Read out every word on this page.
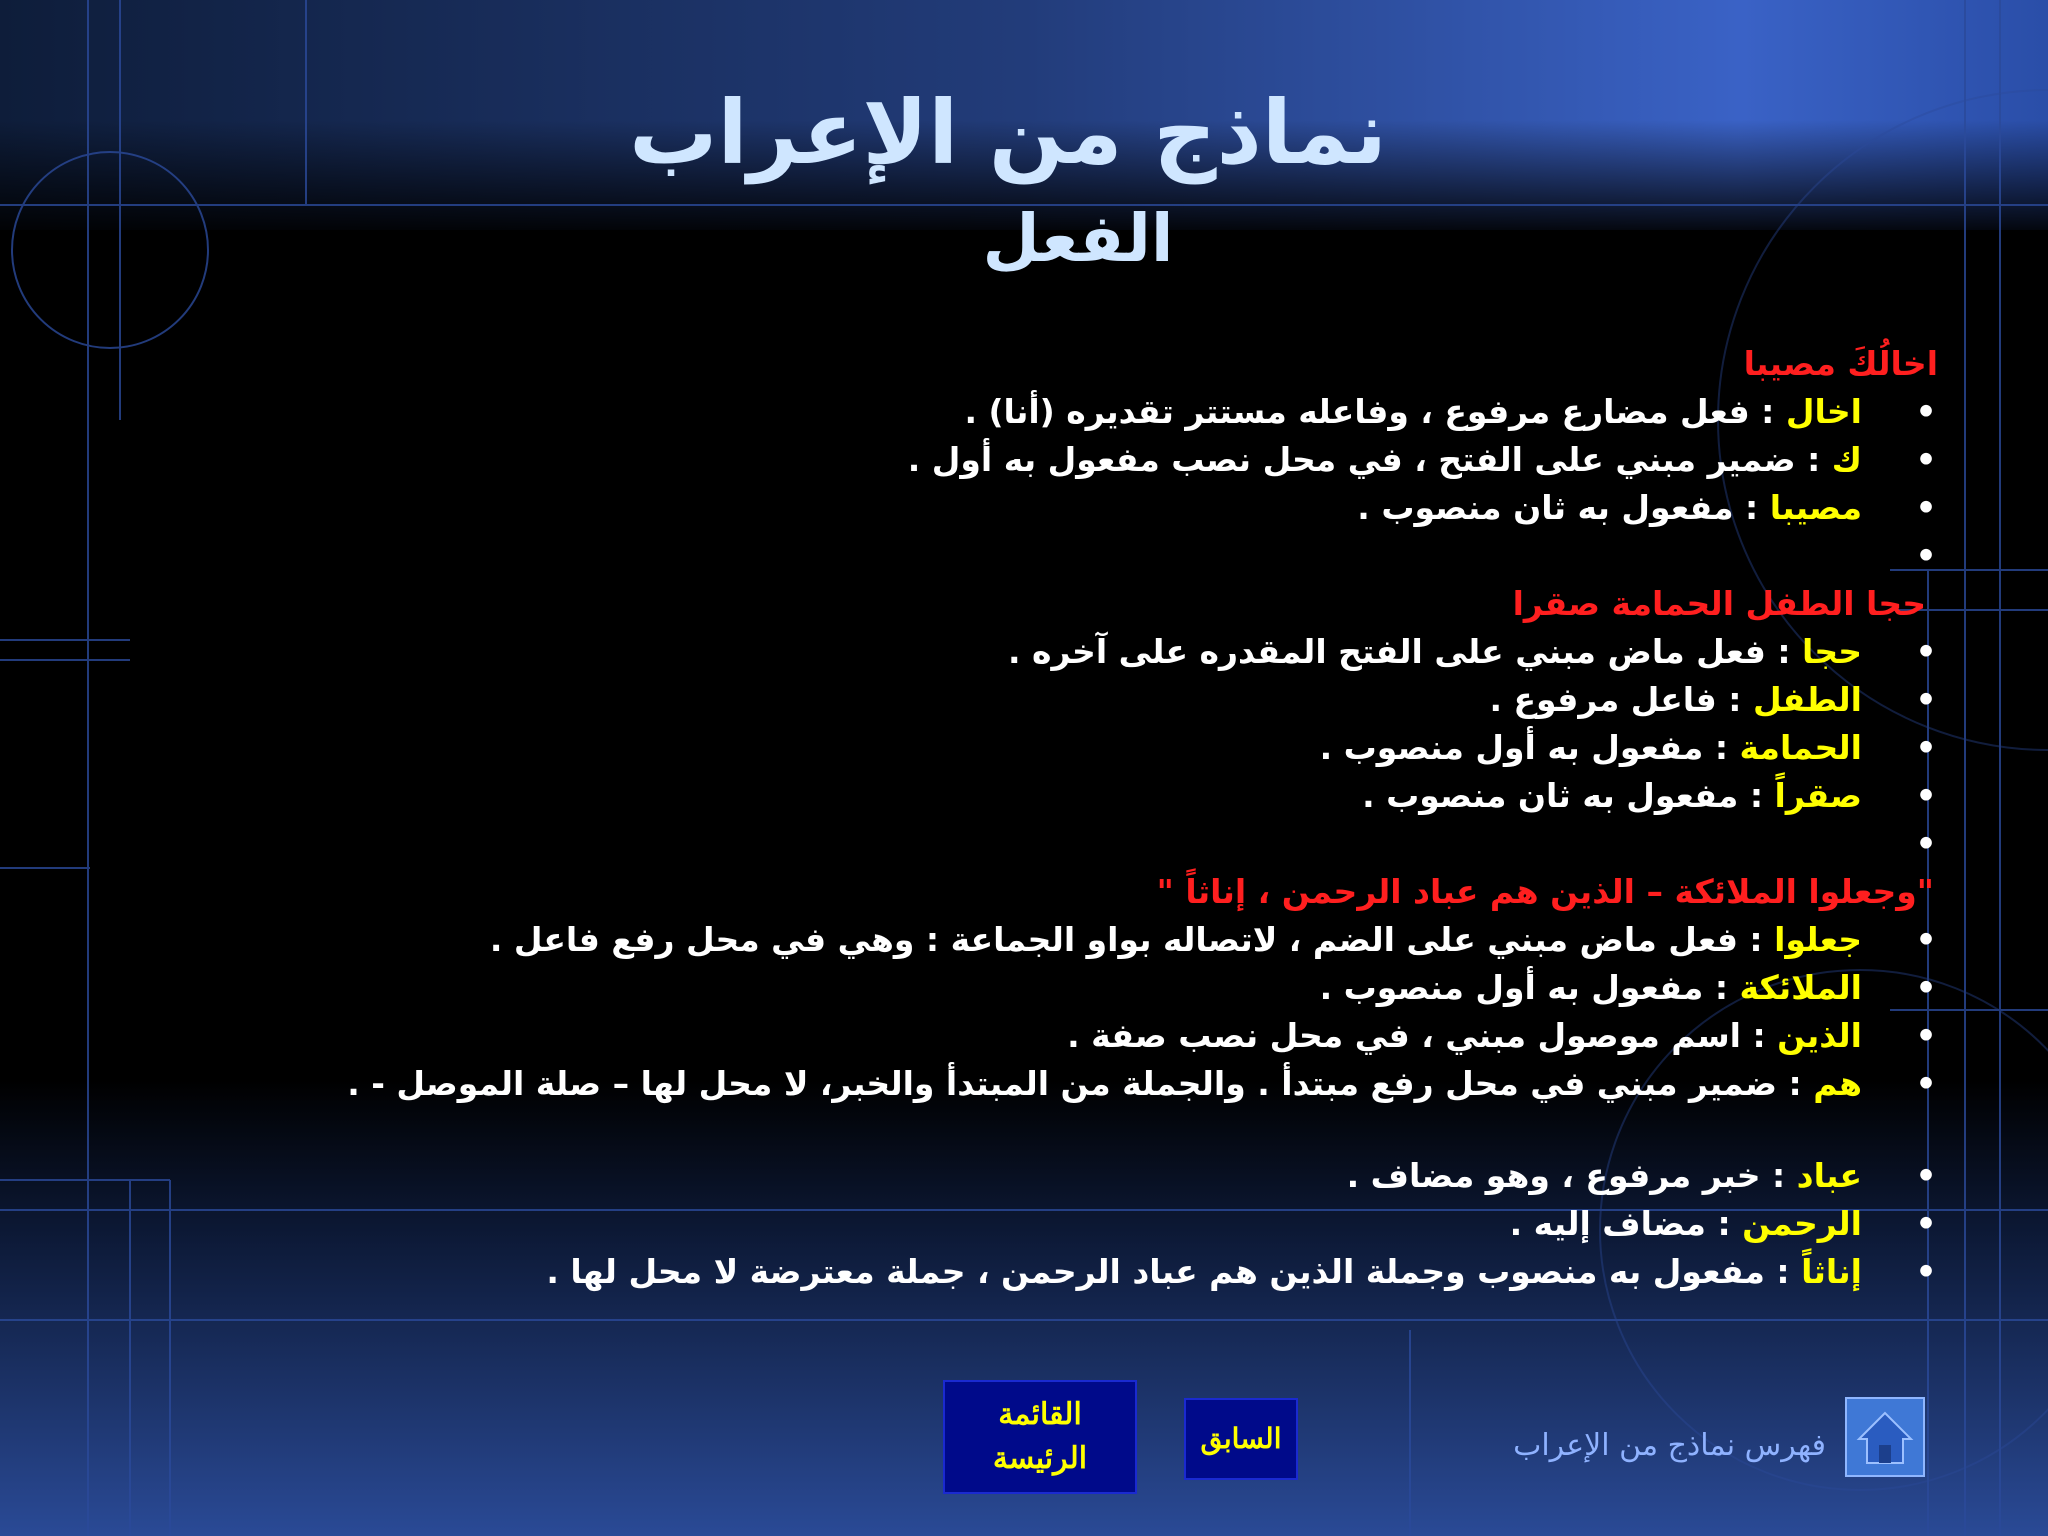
نماذج من الإعراب
الفعل
اخالُكَ مصيبا
•
اخال : فعل مضارع مرفوع ، وفاعله مستتر تقديره (أنا) .
•
ك : ضمير مبني على الفتح ، في محل نصب مفعول به أول .
•
مصيبا : مفعول به ثان منصوب .
•
حجا الطفل الحمامة صقرا
•
حجا : فعل ماض مبني على الفتح المقدره على آخره .
•
الطفل : فاعل مرفوع .
•
الحمامة : مفعول به أول منصوب .
•
صقراً : مفعول به ثان منصوب .
•
"وجعلوا الملائكة – الذين هم عباد الرحمن ، إناثاً "
•
جعلوا : فعل ماض مبني على الضم ، لاتصاله بواو الجماعة : وهي في محل رفع فاعل .
•
الملائكة : مفعول به أول منصوب .
•
الذين : اسم موصول مبني ، في محل نصب صفة .
•
هم : ضمير مبني في محل رفع مبتدأ . والجملة من المبتدأ والخبر، لا محل لها – صلة الموصل - .
•
عباد : خبر مرفوع ، وهو مضاف .
•
الرحمن : مضاف إليه .
•
إناثاً : مفعول به منصوب وجملة الذين هم عباد الرحمن ، جملة معترضة لا محل لها .
القائمة
الرئيسة
السابق	فهرس نماذج من الإعراب
